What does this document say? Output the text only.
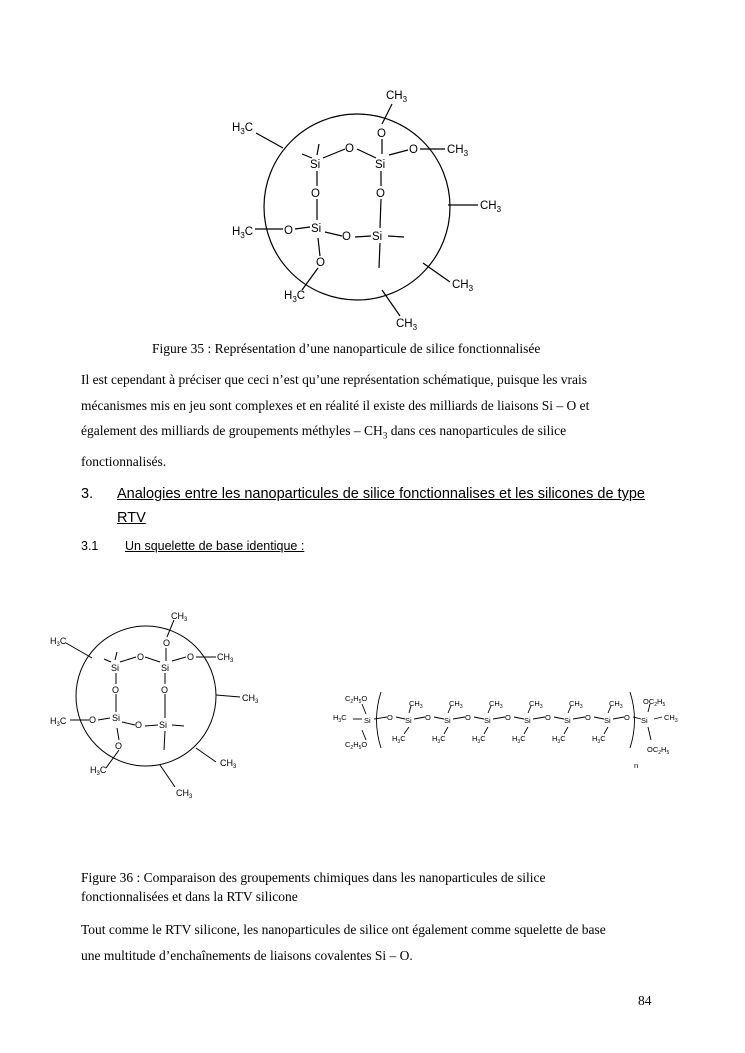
$CH_3$
$H_3C$	O
O	O	$CH_3$
Si	Si
O	O
$CH_3$
$H_3C$	O Si
O Si
O
$CH_3$
$H_3C$
$CH_3$
Figure 35 : Représentation d’une nanoparticule de silice fonctionnalisée
Il est cependant à préciser que ceci n’est qu’une représentation schématique, puisque les vrais
mécanismes mis en jeu sont complexes et en réalité il existe des milliards de liaisons Si – O et
également des milliards de groupements méthyles – $CH_3$ dans ces nanoparticules de silice
fonctionnalisés.
3. Analogies entre les nanoparticules de silice fonctionnalises et les silicones de type
RTV
3.1 Un squelette de base identique :
$CH_3$
$H_3C$	O
O	O	$CH_3$
Si	Si
O	O
$CH_3$
$H_3C$	O Si
O Si
O
$CH_3$
$H_3C$
$CH_3$
$C_2H_5O$
$H_3C$ Si
$C_2H_5O$
O Si
$CH_3$
$H_3C$
O Si
$CH_3$
$H_3C$
O Si
$CH_3$
$H_3C$
O Si
$CH_3$
$H_3C$
O Si
$CH_3$
$H_3C$
O Si
$CH_3$
$H_3C$
O Si
$OC_2H_5$
$CH_3$
$OC_2H_5$
n
Figure 36 : Comparaison des groupements chimiques dans les nanoparticules de silice
fonctionnalisées et dans la RTV silicone
Tout comme le RTV silicone, les nanoparticules de silice ont également comme squelette de base
une multitude d’enchaînements de liaisons covalentes Si – O.
84
